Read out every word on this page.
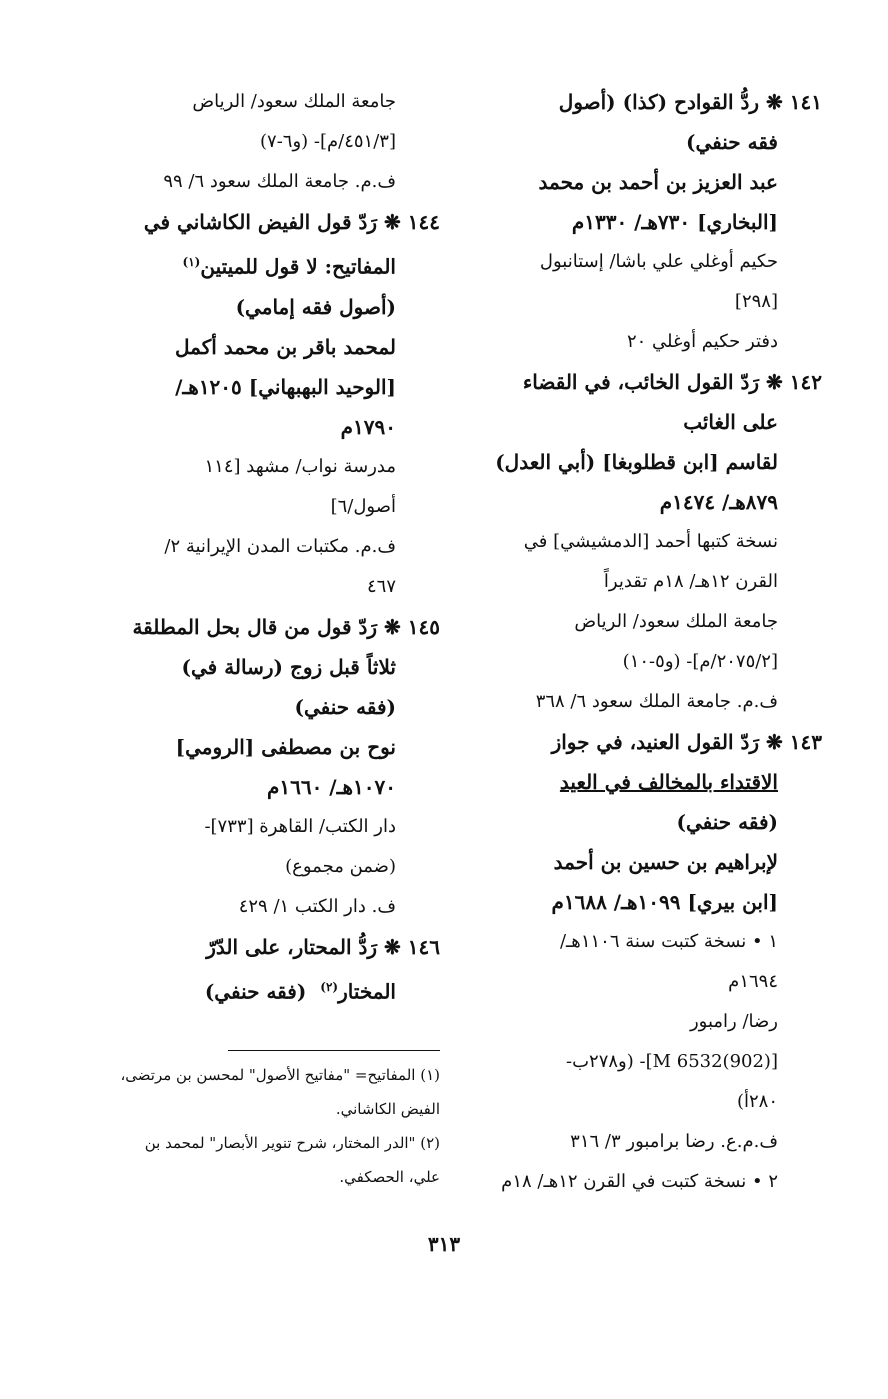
١٤١ ❋ ردُّ القوادح (كذا) (أصول
فقه حنفي)
عبد العزيز بن أحمد بن محمد
[البخاري] ٧٣٠هـ/ ١٣٣٠م
حكيم أوغلي علي باشا/ إستانبول
[٢٩٨]
دفتر حكيم أوغلي ٢٠
١٤٢ ❋ رَدّ القول الخائب، في القضاء
على الغائب
لقاسم [ابن قطلوبغا] (أبي العدل)
٨٧٩هـ/ ١٤٧٤م
نسخة كتبها أحمد [الدمشيشي] في
القرن ١٢هـ/ ١٨م تقديراً
جامعة الملك سعود/ الرياض
[٢٠٧٥/٢/م]- (و٥-١٠)
ف.م. جامعة الملك سعود ٦/ ٣٦٨
١٤٣ ❋ رَدّ القول العنيد، في جواز
الاقتداء بالمخالف في العيد
(فقه حنفي)
لإبراهيم بن حسين بن أحمد
[ابن بيري] ١٠٩٩هـ/ ١٦٨٨م
١ • نسخة كتبت سنة ١١٠٦هـ/
١٦٩٤م
رضا/ رامبور
[M 6532(902)]- (و٢٧٨ب-
٢٨٠أ)
ف.م.ع. رضا برامبور ٣/ ٣١٦
٢ • نسخة كتبت في القرن ١٢هـ/ ١٨م
جامعة الملك سعود/ الرياض
[٤٥١/٣/م]- (و٦-٧)
ف.م. جامعة الملك سعود ٦/ ٩٩
١٤٤ ❋ رَدّ قول الفيض الكاشاني في
المفاتيح: لا قول للميتين$^{(١)}$
(أصول فقه إمامي)
لمحمد باقر بن محمد أكمل
[الوحيد البهبهاني] ١٢٠٥هـ/
١٧٩٠م
مدرسة نواب/ مشهد [١١٤
أصول/٦]
ف.م. مكتبات المدن الإيرانية ٢/
٤٦٧
١٤٥ ❋ رَدّ قول من قال بحل المطلقة
ثلاثاً قبل زوج (رسالة في)
(فقه حنفي)
نوح بن مصطفى [الرومي]
١٠٧٠هـ/ ١٦٦٠م
دار الكتب/ القاهرة [٧٣٣]-
(ضمن مجموع)
ف. دار الكتب ١/ ٤٢٩
١٤٦ ❋ رَدُّ المحتار، على الدّرّ
المختار$^{(٢)}$  (فقه حنفي)
(١) المفاتيح= "مفاتيح الأصول" لمحسن بن مرتضى،
الفيض الكاشاني.
(٢) "الدر المختار، شرح تنوير الأبصار" لمحمد بن
علي، الحصكفي.
٣١٣
